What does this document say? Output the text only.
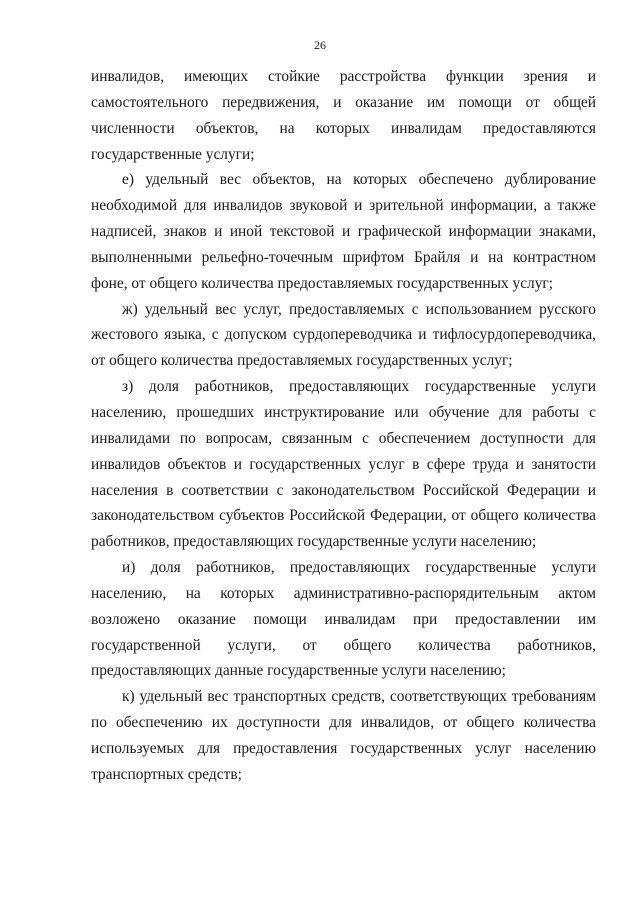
26

инвалидов, имеющих стойкие расстройства функции зрения и самостоятельного передвижения, и оказание им помощи от общей численности объектов, на которых инвалидам предоставляются государственные услуги;

е) удельный вес объектов, на которых обеспечено дублирование необходимой для инвалидов звуковой и зрительной информации, а также надписей, знаков и иной текстовой и графической информации знаками, выполненными рельефно-точечным шрифтом Брайля и на контрастном фоне, от общего количества предоставляемых государственных услуг;

ж) удельный вес услуг, предоставляемых с использованием русского жестового языка, с допуском сурдопереводчика и тифлосурдопереводчика, от общего количества предоставляемых государственных услуг;

з) доля работников, предоставляющих государственные услуги населению, прошедших инструктирование или обучение для работы с инвалидами по вопросам, связанным с обеспечением доступности для инвалидов объектов и государственных услуг в сфере труда и занятости населения в соответствии с законодательством Российской Федерации и законодательством субъектов Российской Федерации, от общего количества работников, предоставляющих государственные услуги населению;

и) доля работников, предоставляющих государственные услуги населению, на которых административно-распорядительным актом возложено оказание помощи инвалидам при предоставлении им государственной услуги, от общего количества работников, предоставляющих данные государственные услуги населению;

к) удельный вес транспортных средств, соответствующих требованиям по обеспечению их доступности для инвалидов, от общего количества используемых для предоставления государственных услуг населению транспортных средств;
